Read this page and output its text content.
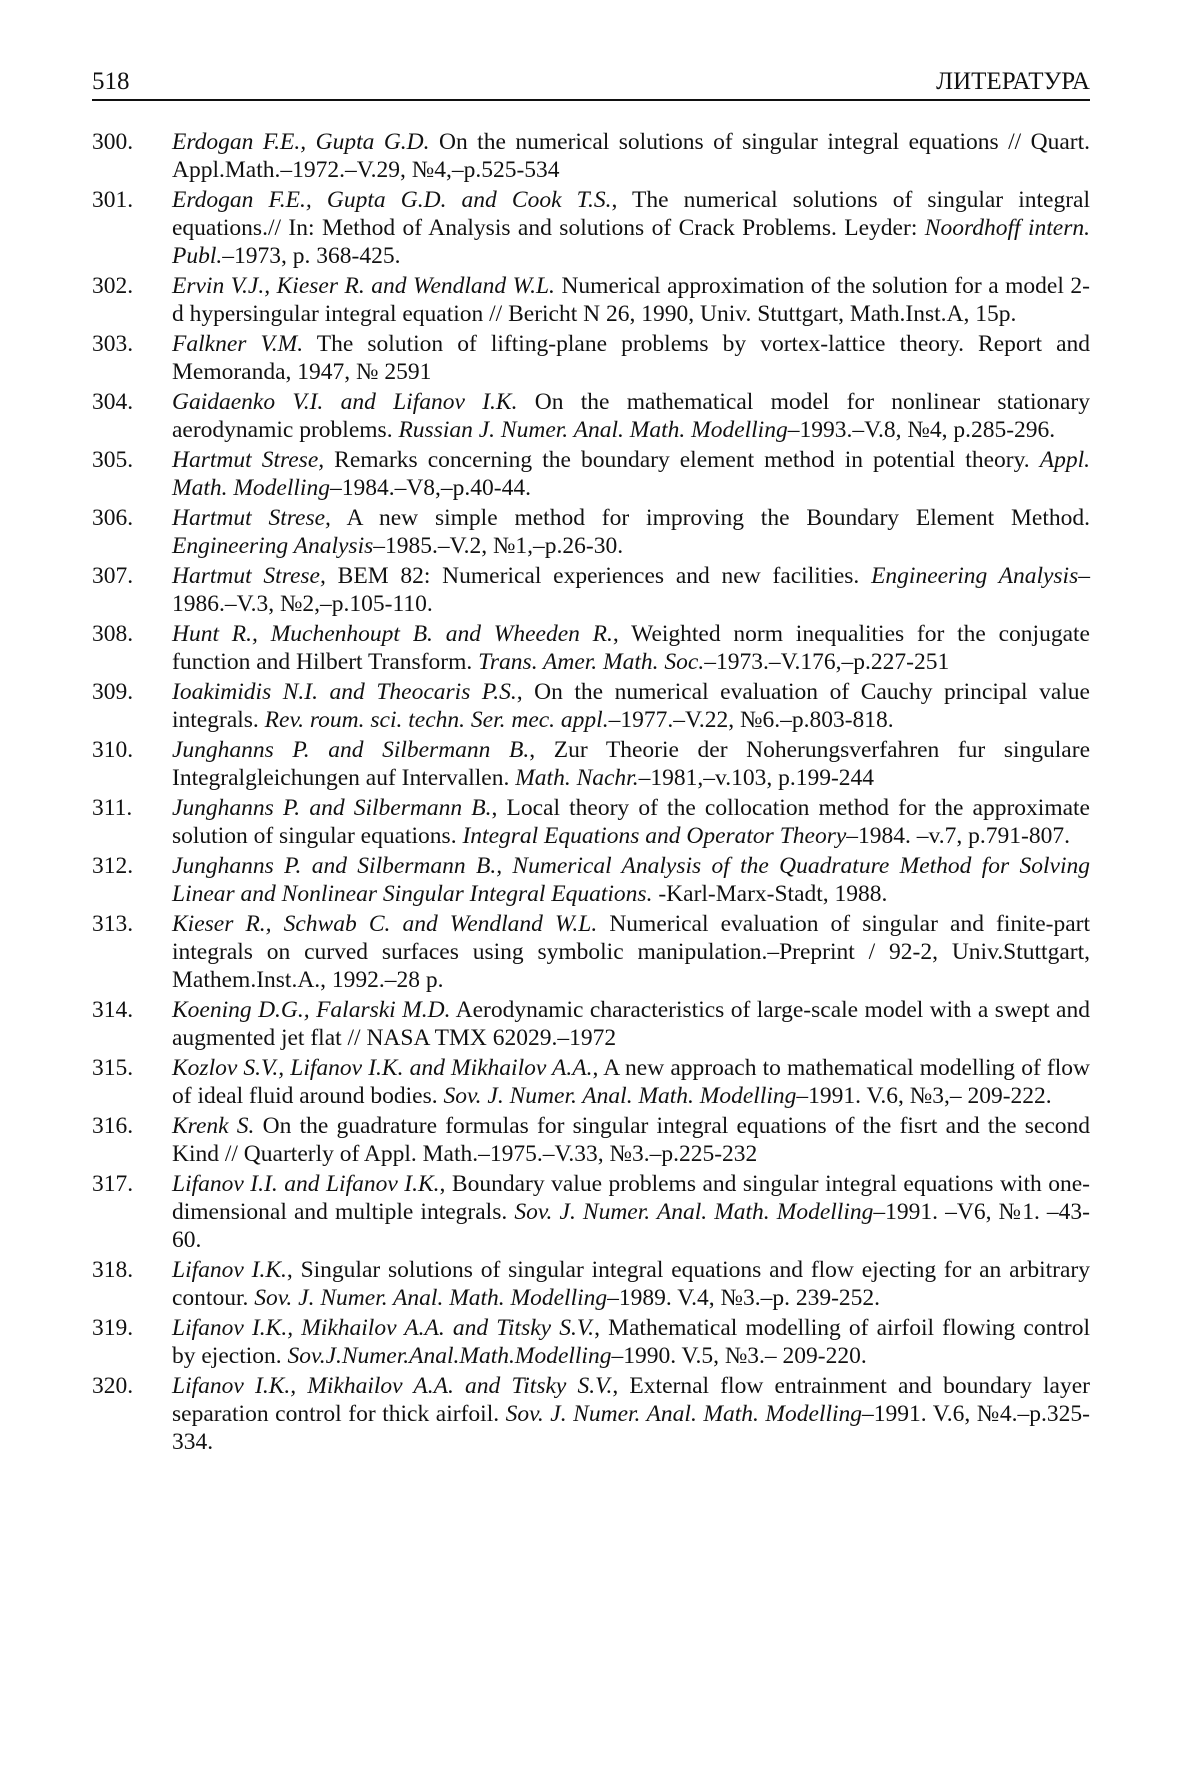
518	ЛИТЕРАТУРА
300.	Erdogan F.E., Gupta G.D. On the numerical solutions of singular integral equations // Quart. Appl.Math.–1972.–V.29, №4,–p.525-534
301.	Erdogan F.E., Gupta G.D. and Cook T.S., The numerical solutions of singular integral equations.// In: Method of Analysis and solutions of Crack Problems. Leyder: Noordhoff intern. Publ.–1973, p. 368-425.
302.	Ervin V.J., Kieser R. and Wendland W.L. Numerical approximation of the solution for a model 2-d hypersingular integral equation // Bericht N 26, 1990, Univ. Stuttgart, Math.Inst.A, 15p.
303.	Falkner V.M. The solution of lifting-plane problems by vortex-lattice theory. Report and Memoranda, 1947, № 2591
304.	Gaidaenko V.I. and Lifanov I.K. On the mathematical model for nonlinear stationary aerodynamic problems. Russian J. Numer. Anal. Math. Modelling–1993.–V.8, №4, p.285-296.
305.	Hartmut Strese, Remarks concerning the boundary element method in potential theory. Appl. Math. Modelling–1984.–V8,–p.40-44.
306.	Hartmut Strese, A new simple method for improving the Boundary Element Method. Engineering Analysis–1985.–V.2, №1,–p.26-30.
307.	Hartmut Strese, BEM 82: Numerical experiences and new facilities. Engineering Analysis–1986.–V.3, №2,–p.105-110.
308.	Hunt R., Muchenhoupt B. and Wheeden R., Weighted norm inequalities for the conjugate function and Hilbert Transform. Trans. Amer. Math. Soc.–1973.–V.176,–p.227-251
309.	Ioakimidis N.I. and Theocaris P.S., On the numerical evaluation of Cauchy principal value integrals. Rev. roum. sci. techn. Ser. mec. appl.–1977.–V.22, №6.–p.803-818.
310.	Junghanns P. and Silbermann B., Zur Theorie der Noherungsverfahren fur singulare Integralgleichungen auf Intervallen. Math. Nachr.–1981,–v.103, p.199-244
311.	Junghanns P. and Silbermann B., Local theory of the collocation method for the approximate solution of singular equations. Integral Equations and Operator Theory–1984. –v.7, p.791-807.
312.	Junghanns P. and Silbermann B., Numerical Analysis of the Quadrature Method for Solving Linear and Nonlinear Singular Integral Equations. -Karl-Marx-Stadt, 1988.
313.	Kieser R., Schwab C. and Wendland W.L. Numerical evaluation of singular and finite-part integrals on curved surfaces using symbolic manipulation.–Preprint / 92-2, Univ.Stuttgart, Mathem.Inst.A., 1992.–28 p.
314.	Koening D.G., Falarski M.D. Aerodynamic characteristics of large-scale model with a swept and augmented jet flat // NASA TMX 62029.–1972
315.	Kozlov S.V., Lifanov I.K. and Mikhailov A.A., A new approach to mathematical modelling of flow of ideal fluid around bodies. Sov. J. Numer. Anal. Math. Modelling–1991. V.6, №3,– 209-222.
316.	Krenk S. On the guadrature formulas for singular integral equations of the fisrt and the second Kind // Quarterly of Appl. Math.–1975.–V.33, №3.–p.225-232
317.	Lifanov I.I. and Lifanov I.K., Boundary value problems and singular integral equations with one-dimensional and multiple integrals. Sov. J. Numer. Anal. Math. Modelling–1991. –V6, №1. –43-60.
318.	Lifanov I.K., Singular solutions of singular integral equations and flow ejecting for an arbitrary contour. Sov. J. Numer. Anal. Math. Modelling–1989. V.4, №3.–p. 239-252.
319.	Lifanov I.K., Mikhailov A.A. and Titsky S.V., Mathematical modelling of airfoil flowing control by ejection. Sov.J.Numer.Anal.Math.Modelling–1990. V.5, №3.– 209-220.
320.	Lifanov I.K., Mikhailov A.A. and Titsky S.V., External flow entrainment and boundary layer separation control for thick airfoil. Sov. J. Numer. Anal. Math. Modelling–1991. V.6, №4.–p.325-334.
